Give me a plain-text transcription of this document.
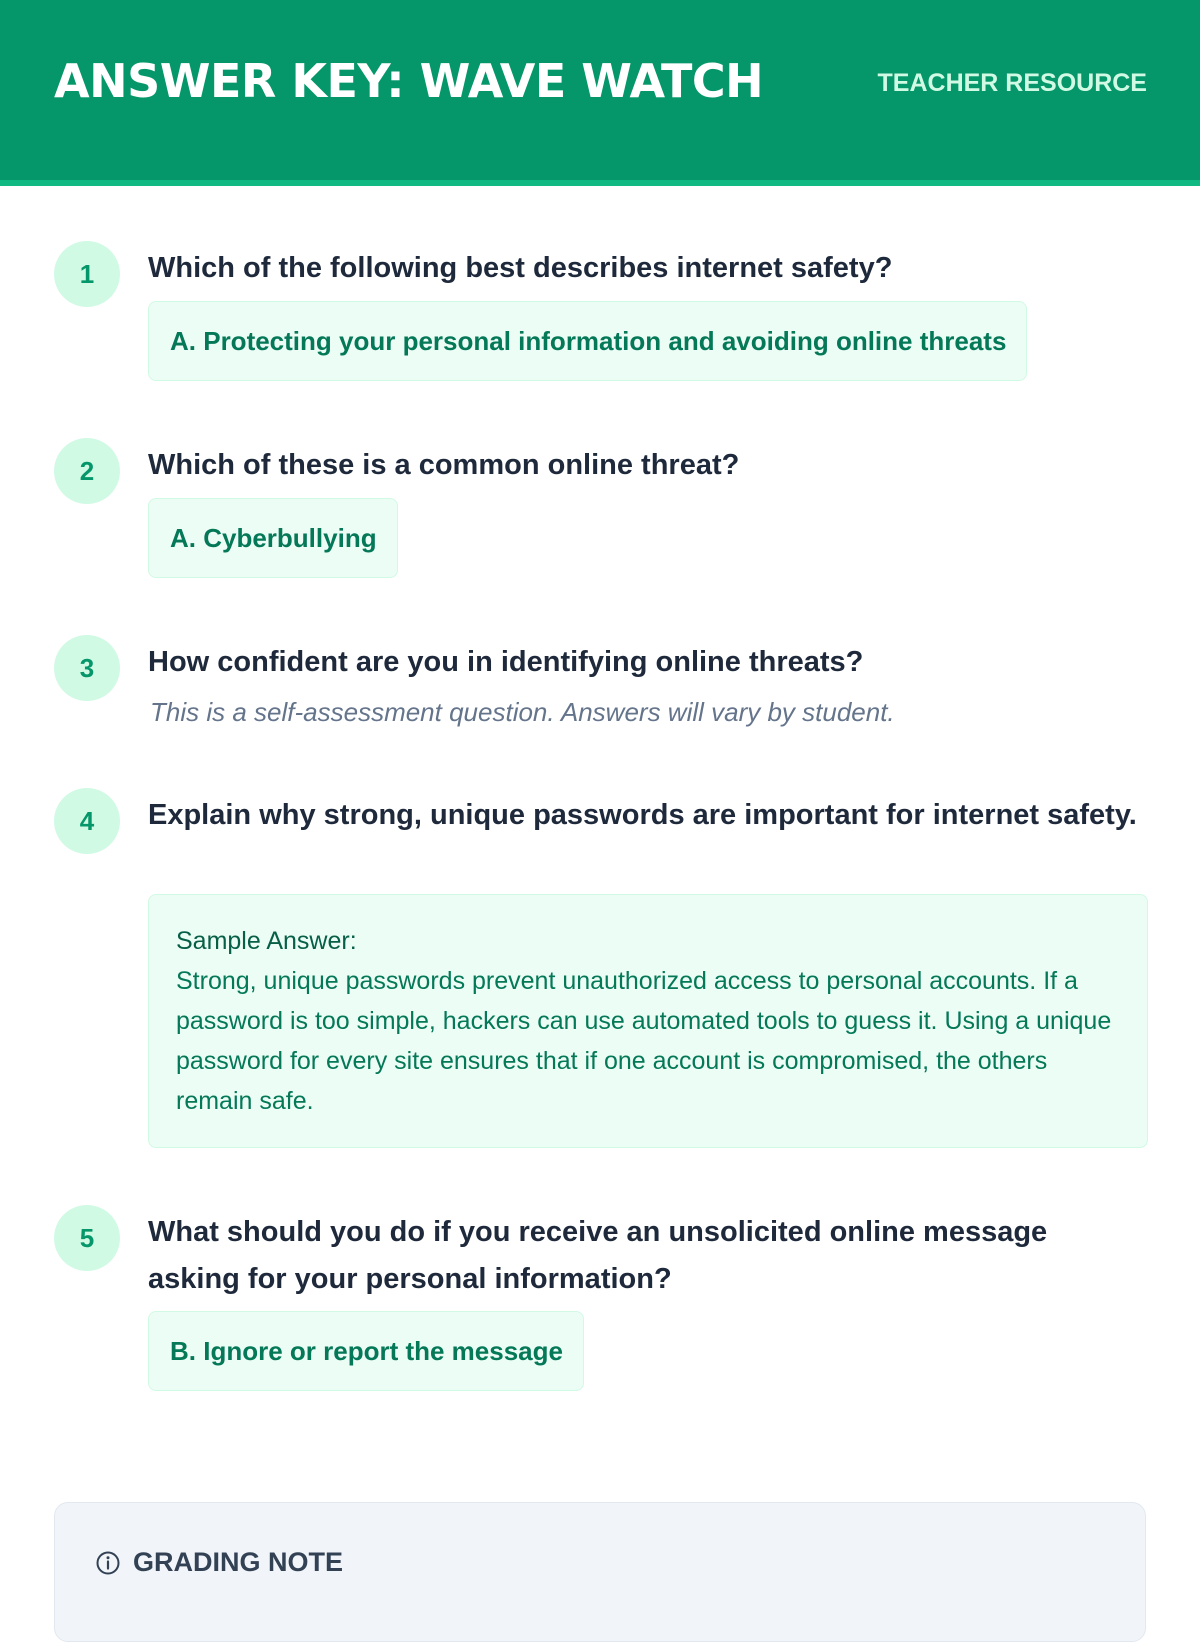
ANSWER KEY: WAVE WATCH	TEACHER RESOURCE
1	Which of the following best describes internet safety?
A. Protecting your personal information and avoiding online threats
2	Which of these is a common online threat?
A. Cyberbullying
3	How confident are you in identifying online threats?
This is a self-assessment question. Answers will vary by student.
4	Explain why strong, unique passwords are important for internet safety.
Sample Answer:
Strong, unique passwords prevent unauthorized access to personal accounts. If a password is too simple, hackers can use automated tools to guess it. Using a unique password for every site ensures that if one account is compromised, the others remain safe.
5	What should you do if you receive an unsolicited online message asking for your personal information?
B. Ignore or report the message
GRADING NOTE
